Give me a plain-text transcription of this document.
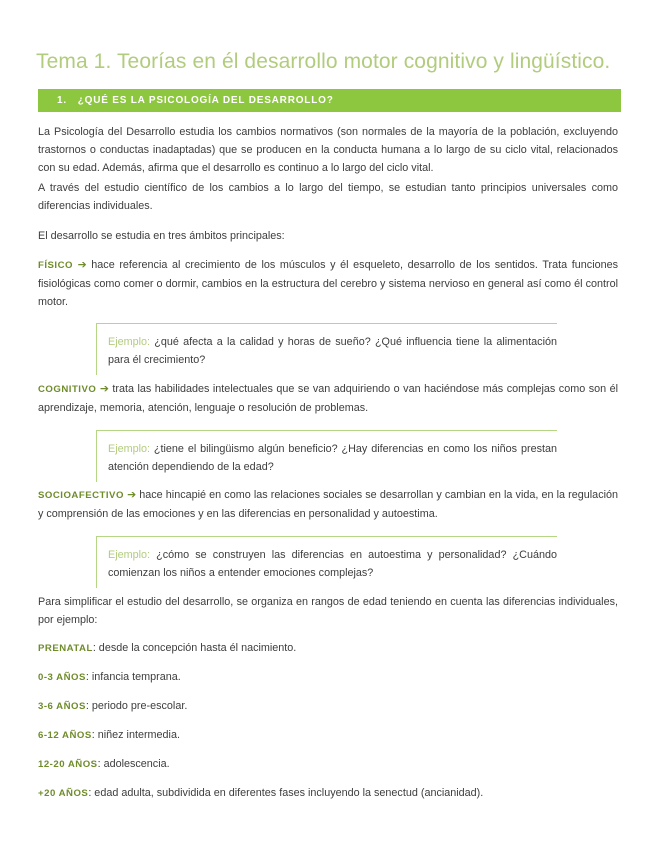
Tema 1. Teorías en él desarrollo motor cognitivo y lingüístico.
1. ¿QUÉ ES LA PSICOLOGÍA DEL DESARROLLO?
La Psicología del Desarrollo estudia los cambios normativos (son normales de la mayoría de la población, excluyendo trastornos o conductas inadaptadas) que se producen en la conducta humana a lo largo de su ciclo vital, relacionados con su edad. Además, afirma que el desarrollo es continuo a lo largo del ciclo vital.
A través del estudio científico de los cambios a lo largo del tiempo, se estudian tanto principios universales como diferencias individuales.
El desarrollo se estudia en tres ámbitos principales:
FÍSICO ➔ hace referencia al crecimiento de los músculos y él esqueleto, desarrollo de los sentidos. Trata funciones fisiológicas como comer o dormir, cambios en la estructura del cerebro y sistema nervioso en general así como él control motor.
Ejemplo: ¿qué afecta a la calidad y horas de sueño? ¿Qué influencia tiene la alimentación para él crecimiento?
COGNITIVO ➔ trata las habilidades intelectuales que se van adquiriendo o van haciéndose más complejas como son él aprendizaje, memoria, atención, lenguaje o resolución de problemas.
Ejemplo: ¿tiene el bilingüismo algún beneficio? ¿Hay diferencias en como los niños prestan atención dependiendo de la edad?
SOCIOAFECTIVO ➔ hace hincapié en como las relaciones sociales se desarrollan y cambian en la vida, en la regulación y comprensión de las emociones y en las diferencias en personalidad y autoestima.
Ejemplo: ¿cómo se construyen las diferencias en autoestima y personalidad? ¿Cuándo comienzan los niños a entender emociones complejas?
Para simplificar el estudio del desarrollo, se organiza en rangos de edad teniendo en cuenta las diferencias individuales, por ejemplo:
PRENATAL: desde la concepción hasta él nacimiento.
0-3 AÑOS: infancia temprana.
3-6 AÑOS: periodo pre-escolar.
6-12 AÑOS: niñez intermedia.
12-20 AÑOS: adolescencia.
+20 AÑOS: edad adulta, subdividida en diferentes fases incluyendo la senectud (ancianidad).
